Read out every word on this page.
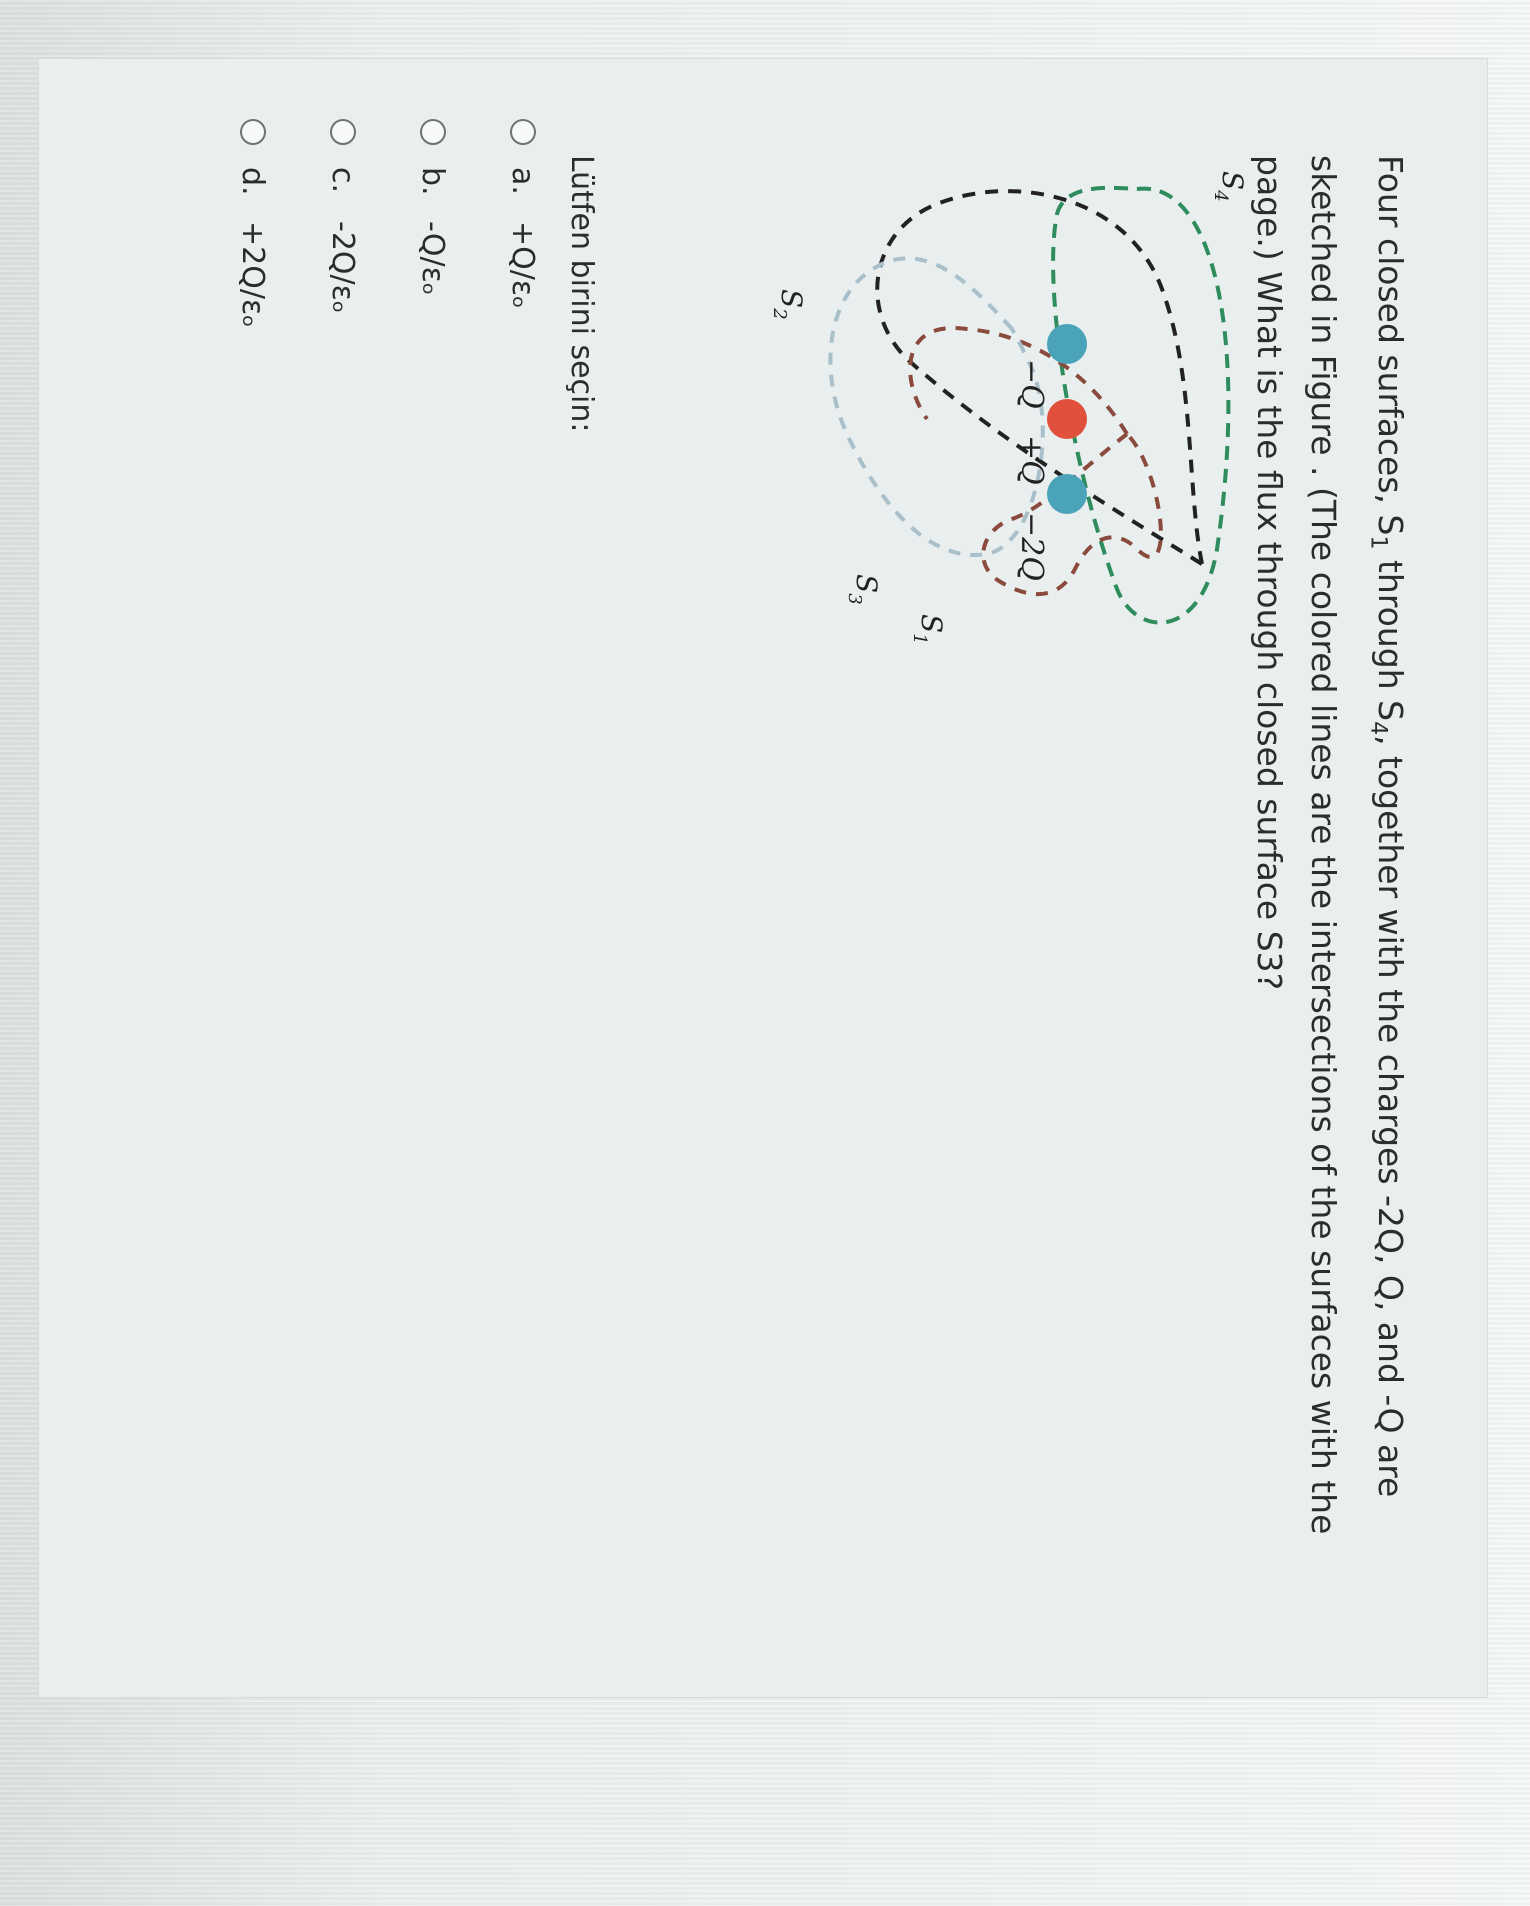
Four closed surfaces, $S_1$ through $S_4$, together with the charges -2Q, Q, and -Q are sketched in Figure . (The colored lines are the intersections of the surfaces with the page.) What is the flux through closed surface S3?
−2Q
+Q
−Q
$S_1$
$S_2$
$S_3$
$S_4$
Lütfen birini seçin:
a.
+Q/εₒ
b.
-Q/εₒ
c.
-2Q/εₒ
d.
+2Q/εₒ
